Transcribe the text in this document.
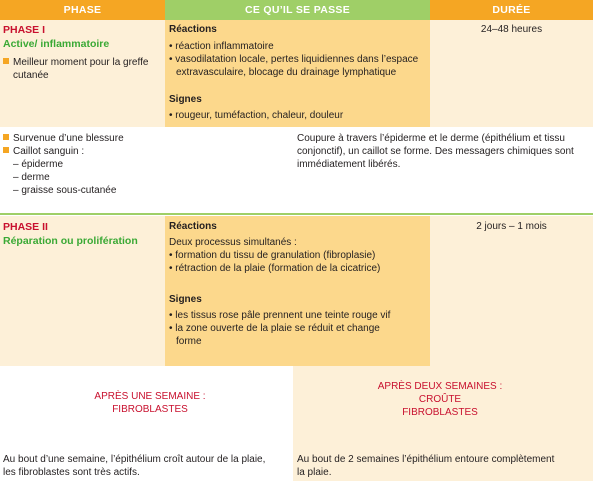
PHASE	CE QU’IL SE PASSE	DURÉE
PHASE I
Active/ inflammatoire
Meilleur moment pour la greffe
cutanée
Réactions
• réaction inflammatoire
• vasodilatation locale, pertes liquidiennes dans l’espace
extravasculaire, blocage du drainage lymphatique
Signes
• rougeur, tuméfaction, chaleur, douleur
24–48 heures
Survenue d’une blessure
Caillot sanguin :
– épiderme
– derme
– graisse sous-cutanée
Coupure à travers l’épiderme et le derme (épithélium et tissu
conjonctif), un caillot se forme. Des messagers chimiques sont
immédiatement libérés.
PHASE II
Réparation ou prolifération
Réactions
Deux processus simultanés :
• formation du tissu de granulation (fibroplasie)
• rétraction de la plaie (formation de la cicatrice)
Signes
• les tissus rose pâle prennent une teinte rouge vif
• la zone ouverte de la plaie se réduit et change
forme
2 jours – 1 mois
APRÈS UNE SEMAINE :
FIBROBLASTES
APRÈS DEUX SEMAINES :
CROÛTE
FIBROBLASTES
Au bout d’une semaine, l’épithélium croît autour de la plaie,
les fibroblastes sont très actifs.
Au bout de 2 semaines l’épithélium entoure complètement
la plaie.
